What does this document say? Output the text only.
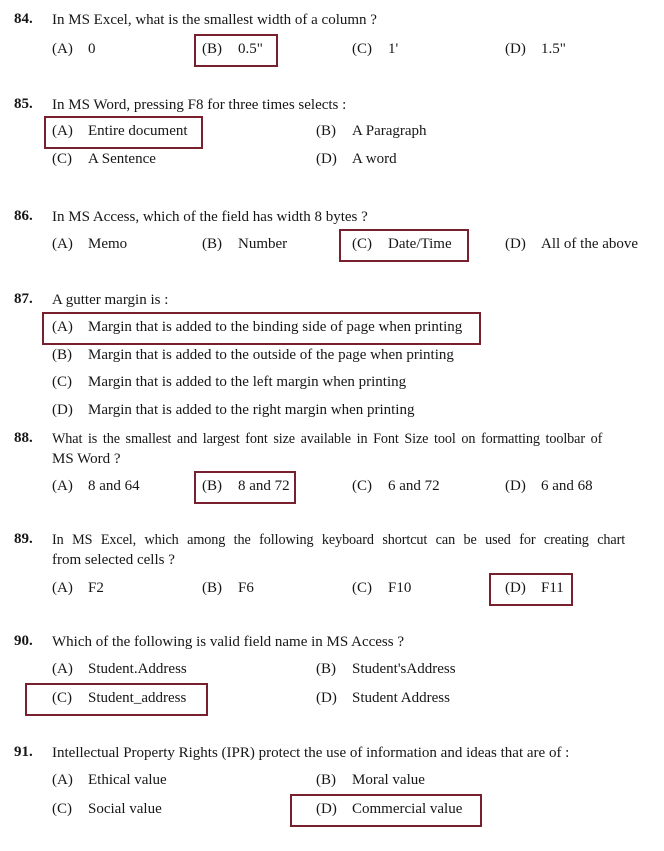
84. In MS Excel, what is the smallest width of a column ?
(A) 0	(B) 0.5"	(C) 1'	(D) 1.5"
85. In MS Word, pressing F8 for three times selects :
(A) Entire document	(B) A Paragraph
(C) A Sentence	(D) A word
86. In MS Access, which of the field has width 8 bytes ?
(A) Memo	(B) Number	(C) Date/Time	(D) All of the above
87. A gutter margin is :
(A) Margin that is added to the binding side of page when printing
(B) Margin that is added to the outside of the page when printing
(C) Margin that is added to the left margin when printing
(D) Margin that is added to the right margin when printing
88. What is the smallest and largest font size available in Font Size tool on formatting toolbar of
MS Word ?
(A) 8 and 64	(B) 8 and 72	(C) 6 and 72	(D) 6 and 68
89. In MS Excel, which among the following keyboard shortcut can be used for creating chart
from selected cells ?
(A) F2	(B) F6	(C) F10	(D) F11
90. Which of the following is valid field name in MS Access ?
(A) Student.Address	(B) Student'sAddress
(C) Student_address	(D) Student Address
91. Intellectual Property Rights (IPR) protect the use of information and ideas that are of :
(A) Ethical value	(B) Moral value
(C) Social value	(D) Commercial value
